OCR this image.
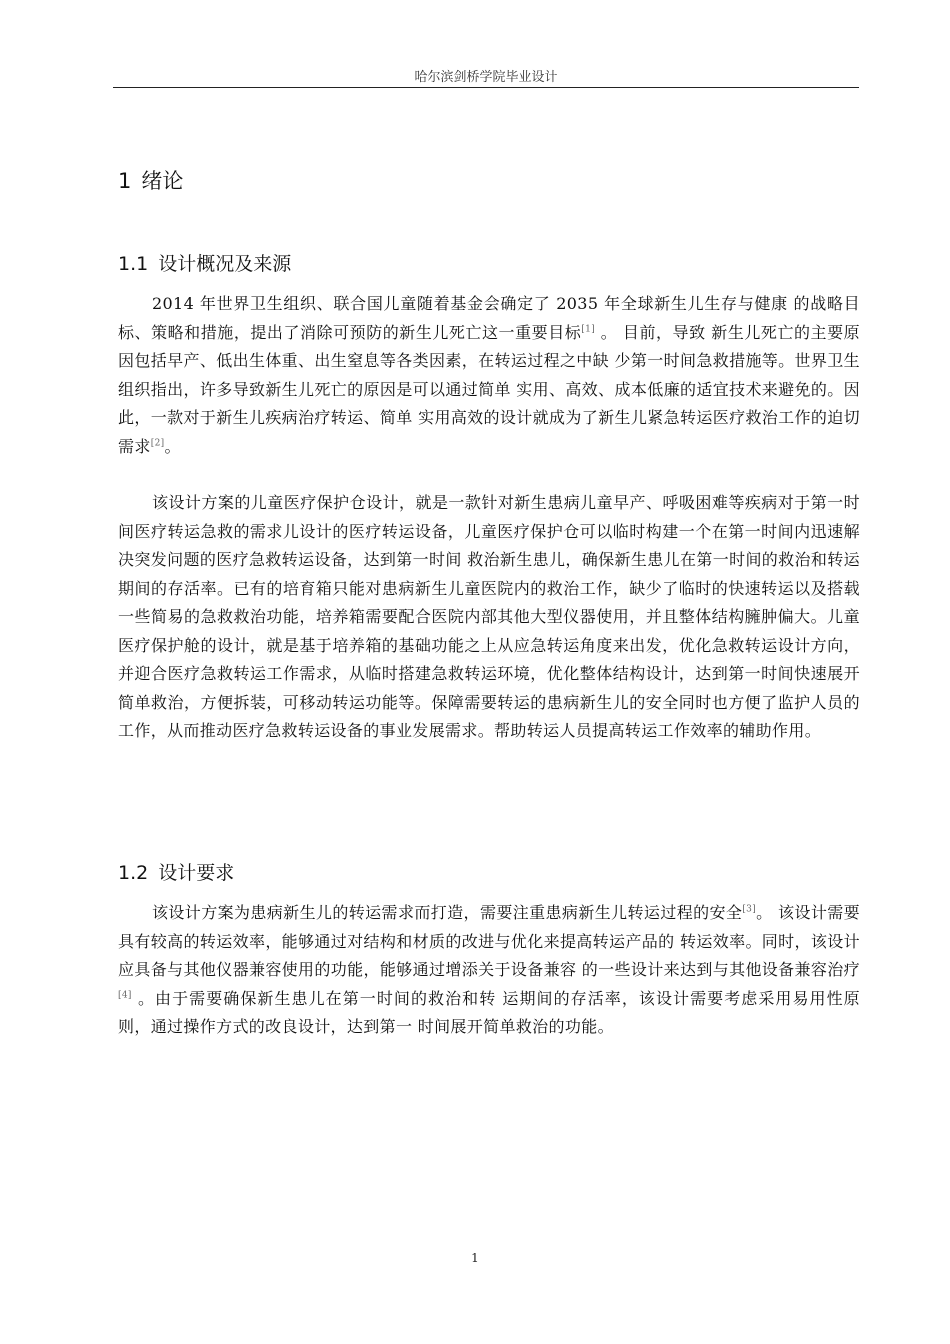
哈尔滨剑桥学院毕业设计
1 绪论
1.1 设计概况及来源
2014 年世界卫生组织、联合国儿童随着基金会确定了 2035 年全球新生儿生存与健康 的战略目标、策略和措施，提出了消除可预防的新生儿死亡这一重要目标[1] 。 目前，导致 新生儿死亡的主要原因包括早产、低出生体重、出生窒息等各类因素，在转运过程之中缺 少第一时间急救措施等。世界卫生组织指出，许多导致新生儿死亡的原因是可以通过简单 实用、高效、成本低廉的适宜技术来避免的。因此，一款对于新生儿疾病治疗转运、简单 实用高效的设计就成为了新生儿紧急转运医疗救治工作的迫切需求[2]。
该设计方案的儿童医疗保护仓设计，就是一款针对新生患病儿童早产、呼吸困难等疾病对于第一时间医疗转运急救的需求儿设计的医疗转运设备，儿童医疗保护仓可以临时构建一个在第一时间内迅速解决突发问题的医疗急救转运设备，达到第一时间 救治新生患儿，确保新生患儿在第一时间的救治和转运期间的存活率。已有的培育箱只能对患病新生儿童医院内的救治工作，缺少了临时的快速转运以及搭载一些简易的急救救治功能，培养箱需要配合医院内部其他大型仪器使用，并且整体结构臃肿偏大。儿童医疗保护舱的设计，就是基于培养箱的基础功能之上从应急转运角度来出发，优化急救转运设计方向，并迎合医疗急救转运工作需求，从临时搭建急救转运环境，优化整体结构设计，达到第一时间快速展开简单救治，方便拆装，可移动转运功能等。保障需要转运的患病新生儿的安全同时也方便了监护人员的工作，从而推动医疗急救转运设备的事业发展需求。帮助转运人员提高转运工作效率的辅助作用。
1.2 设计要求
该设计方案为患病新生儿的转运需求而打造，需要注重患病新生儿转运过程的安全[3]。 该设计需要具有较高的转运效率，能够通过对结构和材质的改进与优化来提高转运产品的 转运效率。同时，该设计应具备与其他仪器兼容使用的功能，能够通过增添关于设备兼容 的一些设计来达到与其他设备兼容治疗[4] 。由于需要确保新生患儿在第一时间的救治和转 运期间的存活率，该设计需要考虑采用易用性原则，通过操作方式的改良设计，达到第一 时间展开简单救治的功能。
1
